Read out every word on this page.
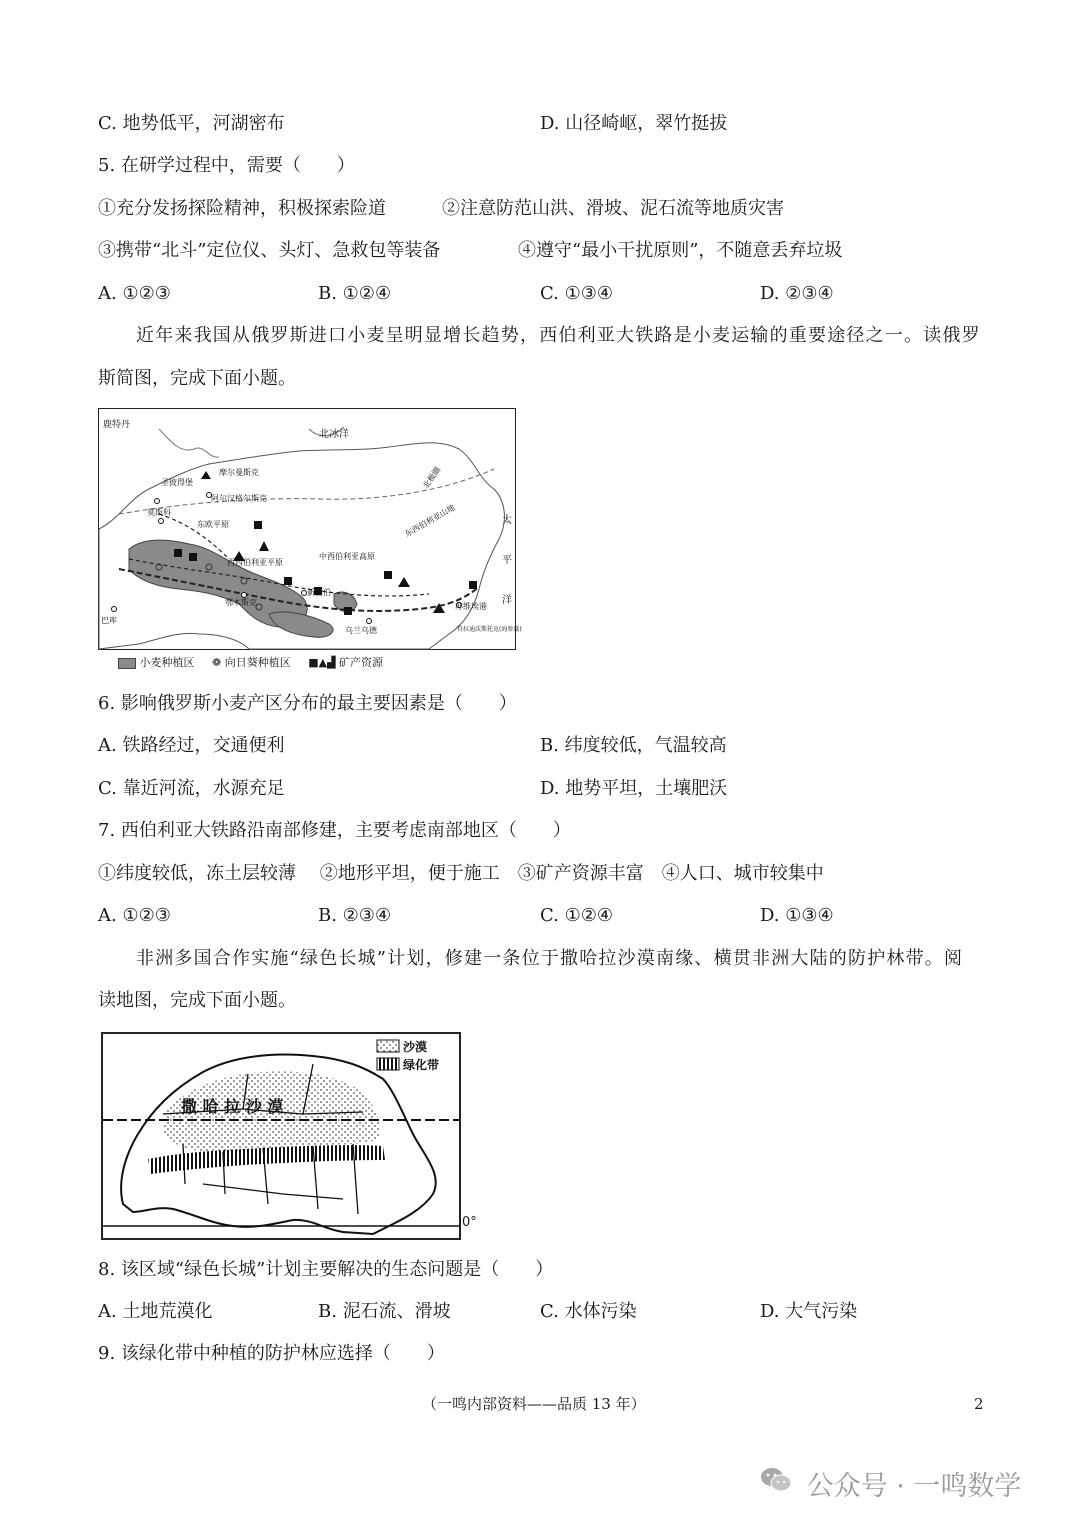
C. 地势低平，河湖密布	D. 山径崎岖，翠竹挺拔
5. 在研学过程中，需要（　　）
①充分发扬探险精神，积极探索险道	②注意防范山洪、滑坡、泥石流等地质灾害
③携带“北斗”定位仪、头灯、急救包等装备	④遵守“最小干扰原则”，不随意丢弃垃圾
A. ①②③	B. ①②④	C. ①③④	D. ②③④
近年来我国从俄罗斯进口小麦呈明显增长趋势，西伯利亚大铁路是小麦运输的重要途径之一。读俄罗
斯简图，完成下面小题。
鹿特丹
北冰洋
摩尔曼斯克
圣彼得堡
阿尔汉格尔斯克
莫斯科
东欧平原
西西伯利亚平原
中西伯利亚高原
东西伯利亚山地
北极圈
鄂木斯克
新西伯
乌兰乌德
巴库
苏维埃港
符拉迪沃斯托克(海参崴)
太
平
洋
小麦种植区 ❁ 向日葵种植区 ■▲▟ 矿产资源
6. 影响俄罗斯小麦产区分布的最主要因素是（　　）
A. 铁路经过，交通便利	B. 纬度较低，气温较高
C. 靠近河流，水源充足	D. 地势平坦，土壤肥沃
7. 西伯利亚大铁路沿南部修建，主要考虑南部地区（　　）
①纬度较低，冻土层较薄　 ②地形平坦，便于施工　③矿产资源丰富　④人口、城市较集中
A. ①②③	B. ②③④	C. ①②④	D. ①③④
非洲多国合作实施“绿色长城”计划，修建一条位于撒哈拉沙漠南缘、横贯非洲大陆的防护林带。阅
读地图，完成下面小题。
撒 哈 拉 沙 漠
沙漠
绿化带
0°
8. 该区域“绿色长城”计划主要解决的生态问题是（　　）
A. 土地荒漠化	B. 泥石流、滑坡	C. 水体污染	D. 大气污染
9. 该绿化带中种植的防护林应选择（　　）
（一鸣内部资料——品质 13 年）	2
公众号 · 一鸣数学
